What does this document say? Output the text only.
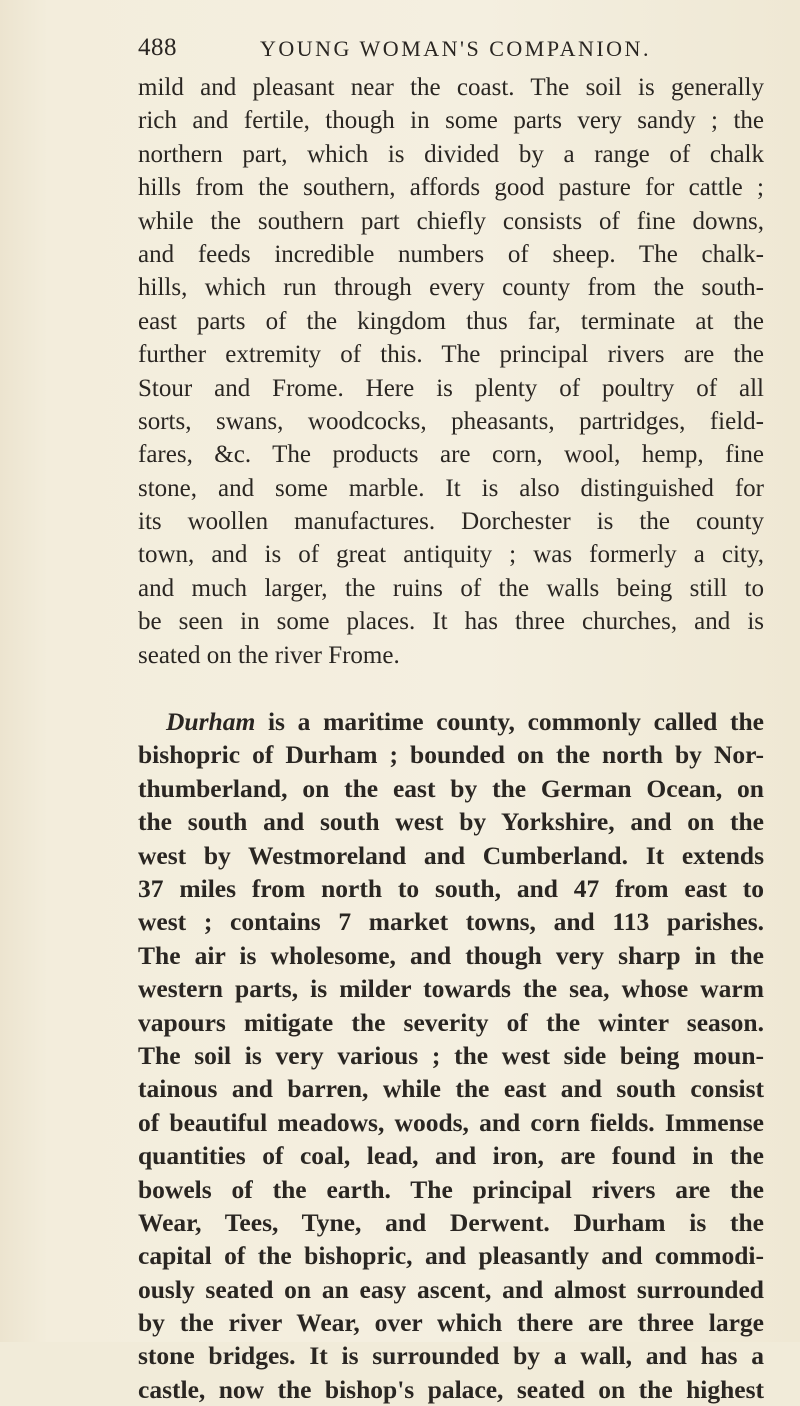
488	YOUNG WOMAN'S COMPANION.
mild and pleasant near the coast. The soil is generally
rich and fertile, though in some parts very sandy ; the
northern part, which is divided by a range of chalk
hills from the southern, affords good pasture for cattle ;
while the southern part chiefly consists of fine downs,
and feeds incredible numbers of sheep. The chalk-
hills, which run through every county from the south-
east parts of the kingdom thus far, terminate at the
further extremity of this. The principal rivers are the
Stour and Frome. Here is plenty of poultry of all
sorts, swans, woodcocks, pheasants, partridges, field-
fares, &c. The products are corn, wool, hemp, fine
stone, and some marble. It is also distinguished for
its woollen manufactures. Dorchester is the county
town, and is of great antiquity ; was formerly a city,
and much larger, the ruins of the walls being still to
be seen in some places. It has three churches, and is
seated on the river Frome.
Durham is a maritime county, commonly called the
bishopric of Durham ; bounded on the north by Nor-
thumberland, on the east by the German Ocean, on
the south and south west by Yorkshire, and on the
west by Westmoreland and Cumberland. It extends
37 miles from north to south, and 47 from east to
west ; contains 7 market towns, and 113 parishes.
The air is wholesome, and though very sharp in the
western parts, is milder towards the sea, whose warm
vapours mitigate the severity of the winter season.
The soil is very various ; the west side being moun-
tainous and barren, while the east and south consist
of beautiful meadows, woods, and corn fields. Immense
quantities of coal, lead, and iron, are found in the
bowels of the earth. The principal rivers are the
Wear, Tees, Tyne, and Derwent. Durham is the
capital of the bishopric, and pleasantly and commodi-
ously seated on an easy ascent, and almost surrounded
by the river Wear, over which there are three large
stone bridges. It is surrounded by a wall, and has a
castle, now the bishop's palace, seated on the highest
